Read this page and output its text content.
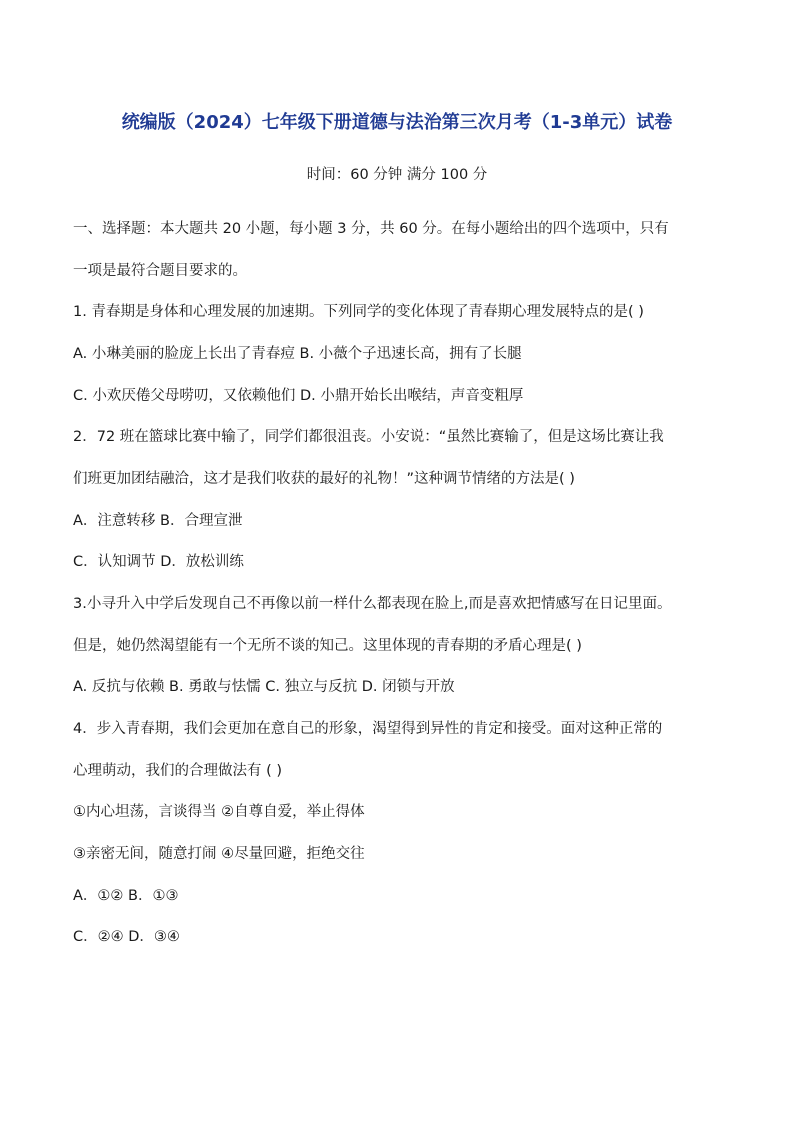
统编版（2024）七年级下册道德与法治第三次月考（1-3单元）试卷
时间：60 分钟 满分 100 分
一、选择题：本大题共 20 小题，每小题 3 分，共 60 分。在每小题给出的四个选项中，只有
一项是最符合题目要求的。
1. 青春期是身体和心理发展的加速期。下列同学的变化体现了青春期心理发展特点的是( )
A. 小琳美丽的脸庞上长出了青春痘 B. 小薇个子迅速长高，拥有了长腿
C. 小欢厌倦父母唠叨，又依赖他们 D. 小鼎开始长出喉结，声音变粗厚
2．72 班在篮球比赛中输了，同学们都很沮丧。小安说：“虽然比赛输了，但是这场比赛让我
们班更加团结融洽，这才是我们收获的最好的礼物！”这种调节情绪的方法是( )
A．注意转移 B．合理宣泄
C．认知调节 D．放松训练
3.小寻升入中学后发现自己不再像以前一样什么都表现在脸上,而是喜欢把情感写在日记里面。
但是，她仍然渴望能有一个无所不谈的知己。这里体现的青春期的矛盾心理是( )
A. 反抗与依赖 B. 勇敢与怯懦 C. 独立与反抗 D. 闭锁与开放
4．步入青春期，我们会更加在意自己的形象，渴望得到异性的肯定和接受。面对这种正常的
心理萌动，我们的合理做法有 ( )
①内心坦荡，言谈得当 ②自尊自爱，举止得体
③亲密无间，随意打闹 ④尽量回避，拒绝交往
A．①② B．①③
C．②④ D．③④
